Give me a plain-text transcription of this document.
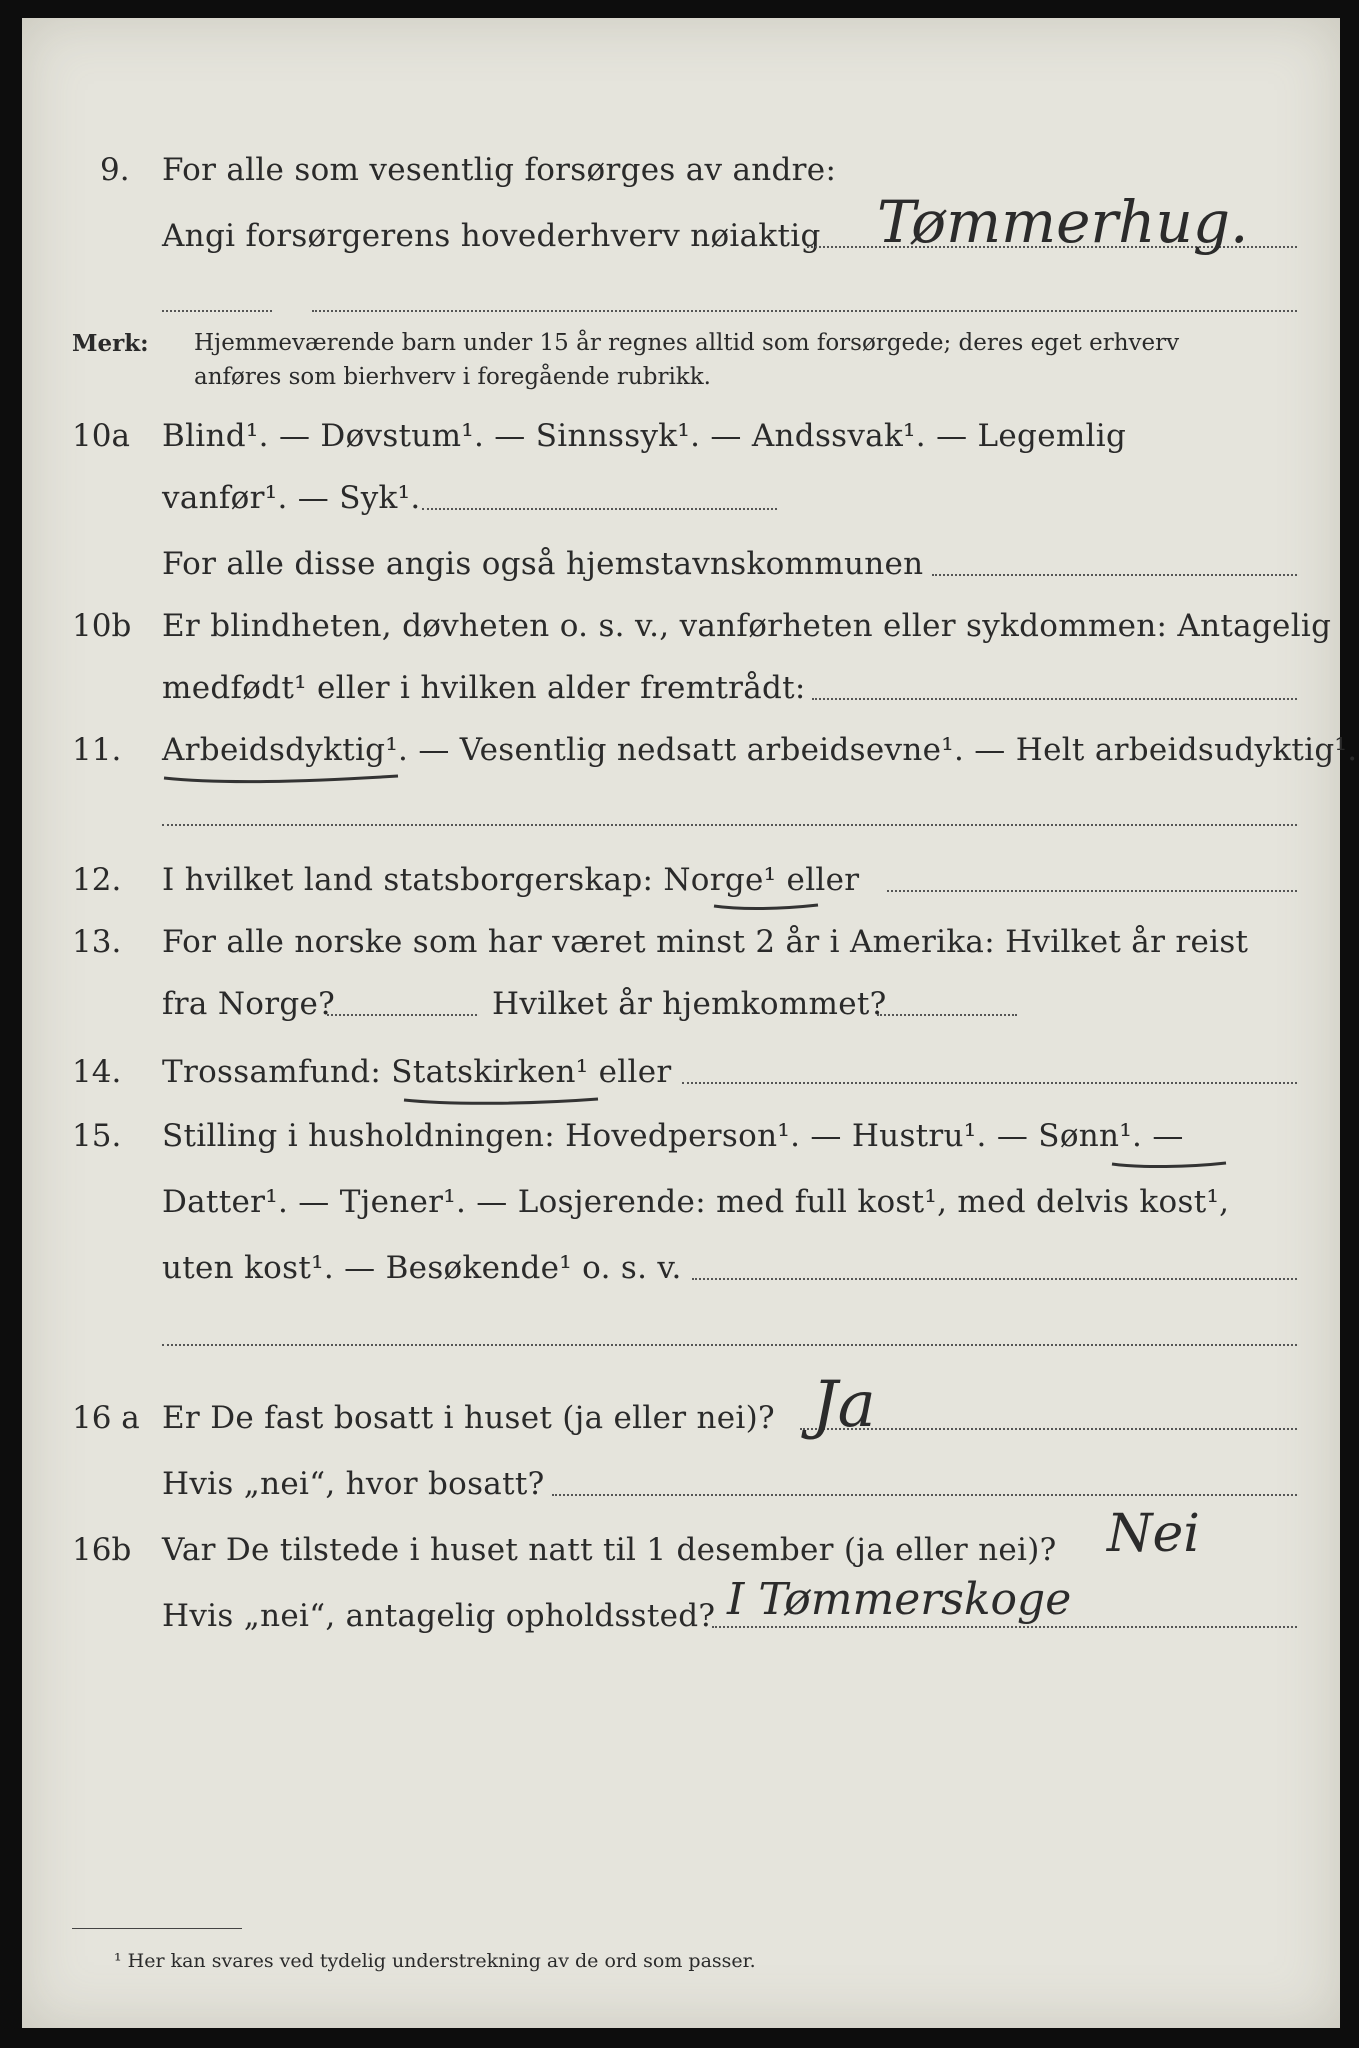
9. For alle som vesentlig forsørges av andre:
Angi forsørgerens hovederhverv nøiaktig Tømmerhug.
Merk: Hjemmeværende barn under 15 år regnes alltid som forsørgede; deres eget erhverv
anføres som bierhverv i foregående rubrikk.
10a Blind¹. — Døvstum¹. — Sinnssyk¹. — Andssvak¹. — Legemlig
vanfør¹. — Syk¹.
For alle disse angis også hjemstavnskommunen
10b Er blindheten, døvheten o. s. v., vanførheten eller sykdommen: Antagelig
medfødt¹ eller i hvilken alder fremtrådt:
11. Arbeidsdyktig¹. — Vesentlig nedsatt arbeidsevne¹. — Helt arbeidsudyktig¹.
12. I hvilket land statsborgerskap: Norge¹ eller
13. For alle norske som har været minst 2 år i Amerika: Hvilket år reist
fra Norge?	Hvilket år hjemkommet?
14. Trossamfund: Statskirken¹ eller
15. Stilling i husholdningen: Hovedperson¹. — Hustru¹. — Sønn¹. —
Datter¹. — Tjener¹. — Losjerende: med full kost¹, med delvis kost¹,
uten kost¹. — Besøkende¹ o. s. v.
16 a Er De fast bosatt i huset (ja eller nei)? Ja
Hvis „nei“, hvor bosatt?
16b Var De tilstede i huset natt til 1 desember (ja eller nei)? Nei
Hvis „nei“, antagelig opholdssted? I Tømmerskoge
¹ Her kan svares ved tydelig understrekning av de ord som passer.
